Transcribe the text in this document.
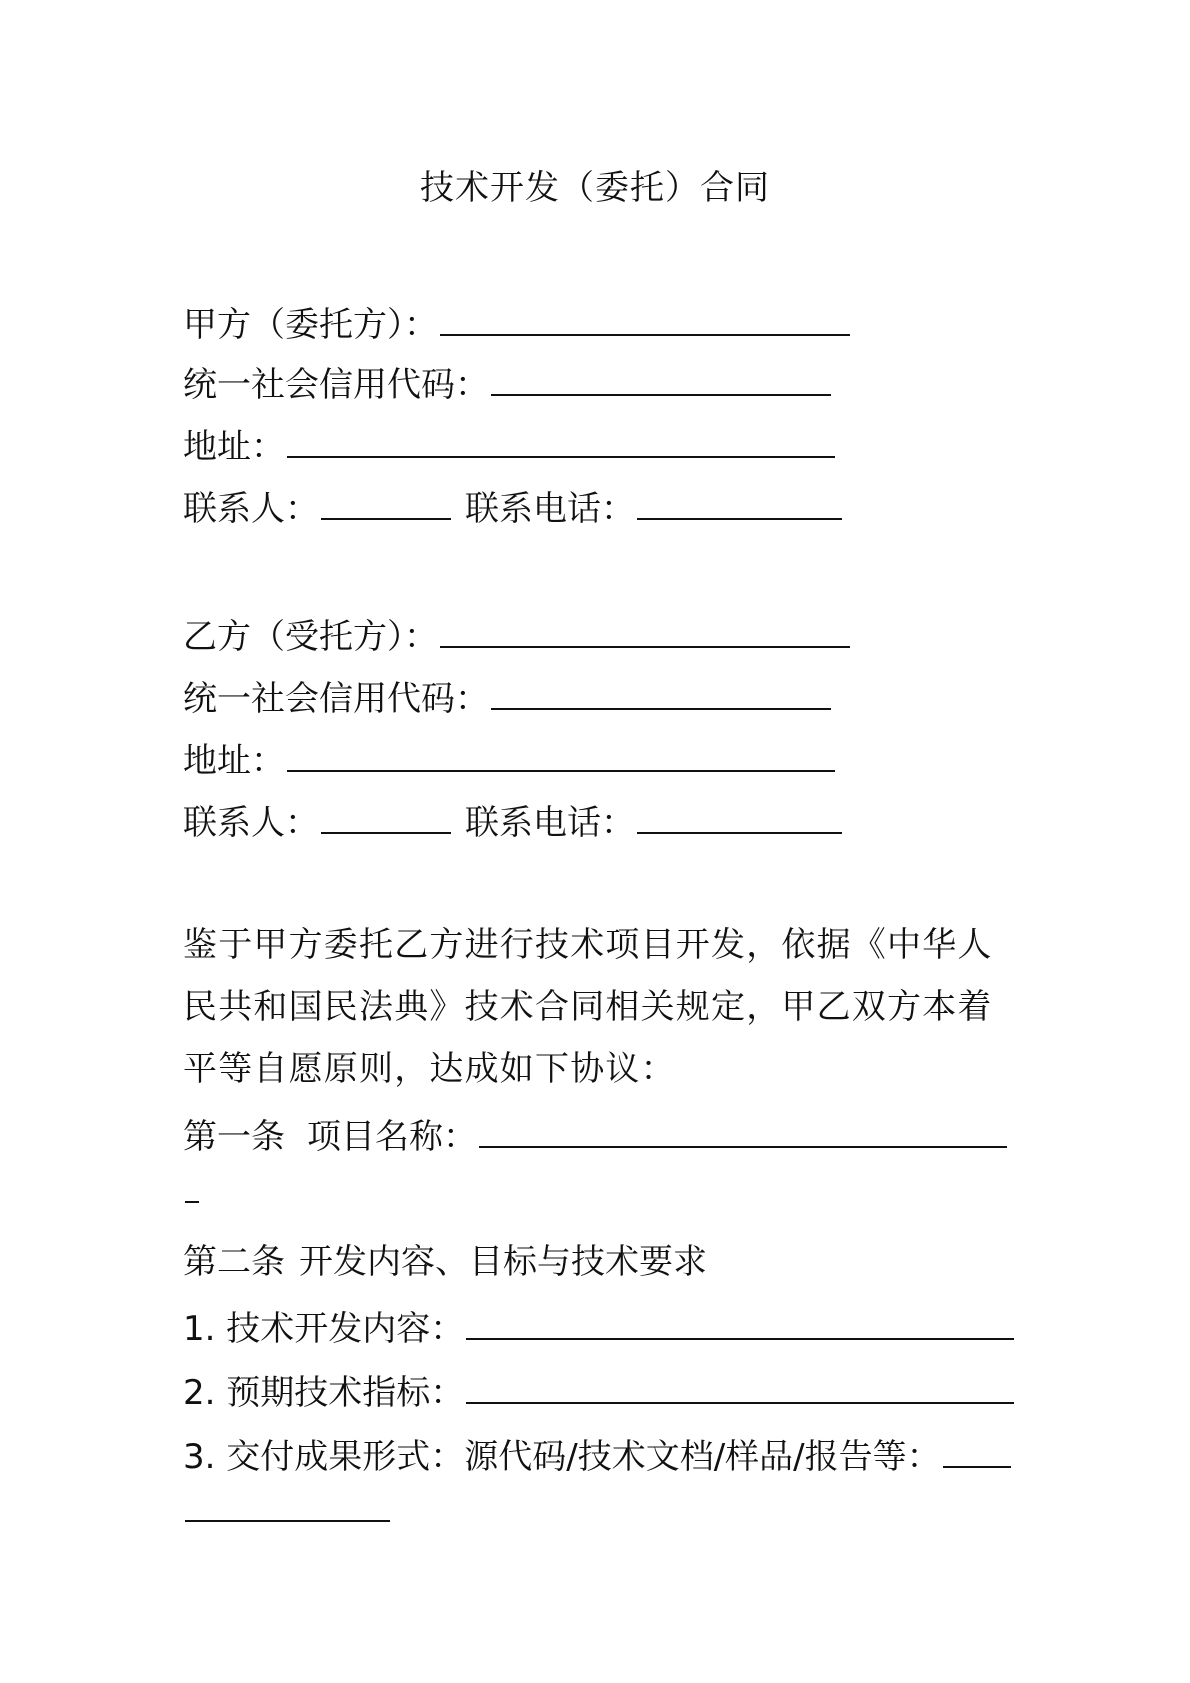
技术开发（委托）合同
甲方（委托方）：
统一社会信用代码：
地址：
联系人：	联系电话：
乙方（受托方）：
统一社会信用代码：
地址：
联系人：	联系电话：
鉴于甲方委托乙方进行技术项目开发，依据《中华人民共和国民法典》技术合同相关规定，甲乙双方本着平等自愿原则，达成如下协议：
第一条 项目名称：
第二条 开发内容、目标与技术要求
1. 技术开发内容：
2. 预期技术指标：
3. 交付成果形式：源代码/技术文档/样品/报告等：
